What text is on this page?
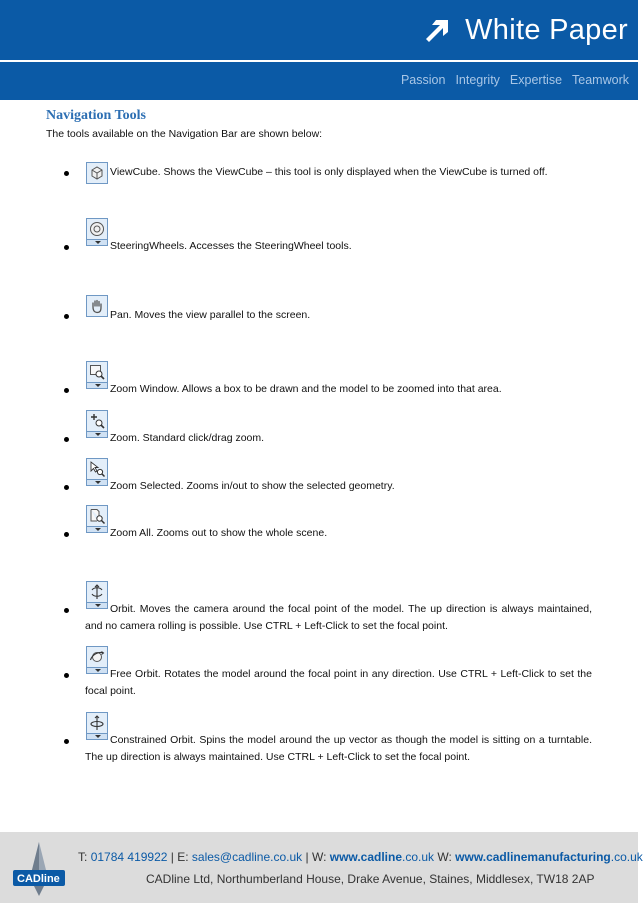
White Paper
Passion Integrity Expertise Teamwork
Navigation Tools
The tools available on the Navigation Bar are shown below:
ViewCube. Shows the ViewCube – this tool is only displayed when the ViewCube is turned off.
SteeringWheels. Accesses the SteeringWheel tools.
Pan. Moves the view parallel to the screen.
Zoom Window. Allows a box to be drawn and the model to be zoomed into that area.
Zoom. Standard click/drag zoom.
Zoom Selected. Zooms in/out to show the selected geometry.
Zoom All. Zooms out to show the whole scene.
Orbit. Moves the camera around the focal point of the model. The up direction is always maintained, and no camera rolling is possible. Use CTRL + Left-Click to set the focal point.
Free Orbit. Rotates the model around the focal point in any direction. Use CTRL + Left-Click to set the focal point.
Constrained Orbit. Spins the model around the up vector as though the model is sitting on a turntable. The up direction is always maintained. Use CTRL + Left-Click to set the focal point.
CADline
T: 01784 419922 | E: sales@cadline.co.uk | W: www.cadline.co.uk W: www.cadlinemanufacturing.co.uk
CADline Ltd, Northumberland House, Drake Avenue, Staines, Middlesex, TW18 2AP
